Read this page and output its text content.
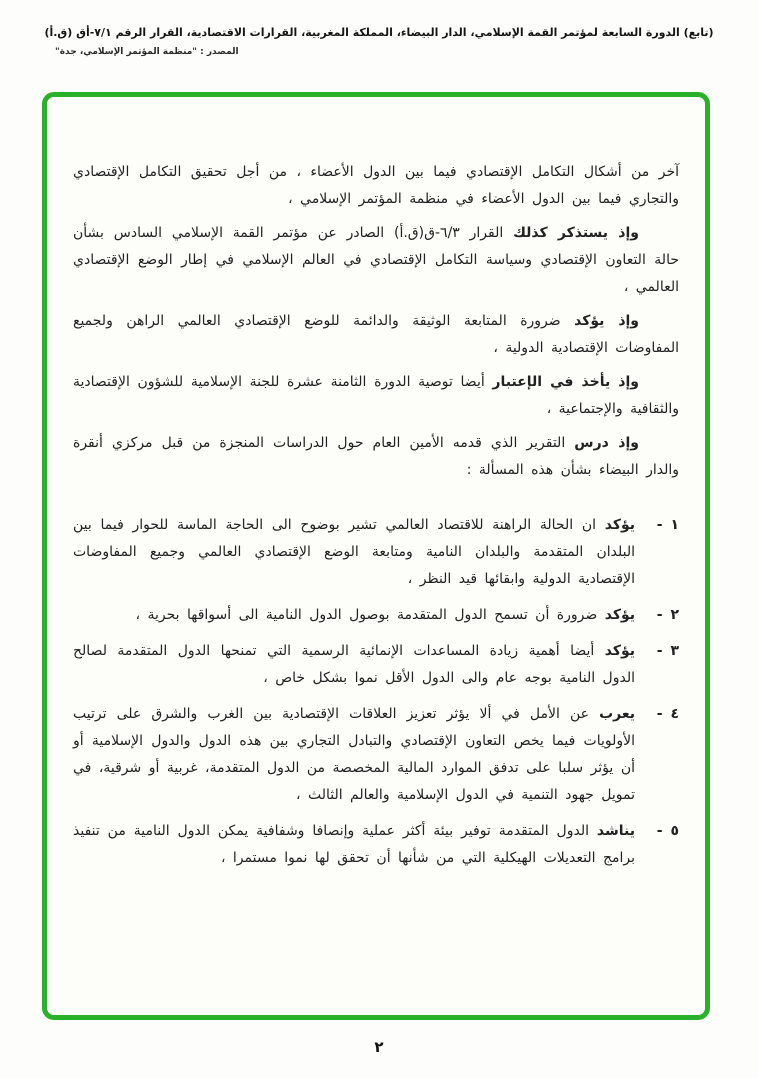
(تابع) الدورة السابعة لمؤتمر القمة الإسلامي، الدار البيضاء، المملكة المغربية، القرارات الاقتصادية، القرار الرقم ٧/١-أق (ق.أ)
المصدر : "منظمة المؤتمر الإسلامي، جدة"

آخر من أشكال التكامل الإقتصادي فيما بين الدول الأعضاء ، من أجل تحقيق التكامل الإقتصادي والتجاري فيما بين الدول الأعضاء في منظمة المؤتمر الإسلامي ،

وإذ يستذكر كذلك القرار ٦/٣-ق(ق.أ) الصادر عن مؤتمر القمة الإسلامي السادس بشأن حالة التعاون الإقتصادي وسياسة التكامل الإقتصادي في العالم الإسلامي في إطار الوضع الإقتصادي العالمي ،

وإذ يؤكد ضرورة المتابعة الوثيقة والدائمة للوضع الإقتصادي العالمي الراهن ولجميع المفاوضات الإقتصادية الدولية ،

وإذ يأخذ في الإعتبار أيضا توصية الدورة الثامنة عشرة للجنة الإسلامية للشؤون الإقتصادية والثقافية والإجتماعية ،

وإذ درس التقرير الذي قدمه الأمين العام حول الدراسات المنجزة من قبل مركزي أنقرة والدار البيضاء بشأن هذه المسألة :

١ -
يؤكد ان الحالة الراهنة للاقتصاد العالمي تشير بوضوح الى الحاجة الماسة للحوار فيما بين البلدان المتقدمة والبلدان النامية ومتابعة الوضع الإقتصادي العالمي وجميع المفاوضات الإقتصادية الدولية وابقائها قيد النظر ،
٢ -
يؤكد ضرورة أن تسمح الدول المتقدمة بوصول الدول النامية الى أسواقها بحرية ،
٣ -
يؤكد أيضا أهمية زيادة المساعدات الإنمائية الرسمية التي تمنحها الدول المتقدمة لصالح الدول النامية بوجه عام والى الدول الأقل نموا بشكل خاص ،
٤ -
يعرب عن الأمل في ألا يؤثر تعزيز العلاقات الإقتصادية بين الغرب والشرق على ترتيب الأولويات فيما يخص التعاون الإقتصادي والتبادل التجاري بين هذه الدول والدول الإسلامية أو أن يؤثر سلبا على تدفق الموارد المالية المخصصة من الدول المتقدمة، غربية أو شرقية، في تمويل جهود التنمية في الدول الإسلامية والعالم الثالث ،
٥ -
يناشد الدول المتقدمة توفير بيئة أكثر عملية وإنصافا وشفافية يمكن الدول النامية من تنفيذ برامج التعديلات الهيكلية التي من شأنها أن تحقق لها نموا مستمرا ،
٢
